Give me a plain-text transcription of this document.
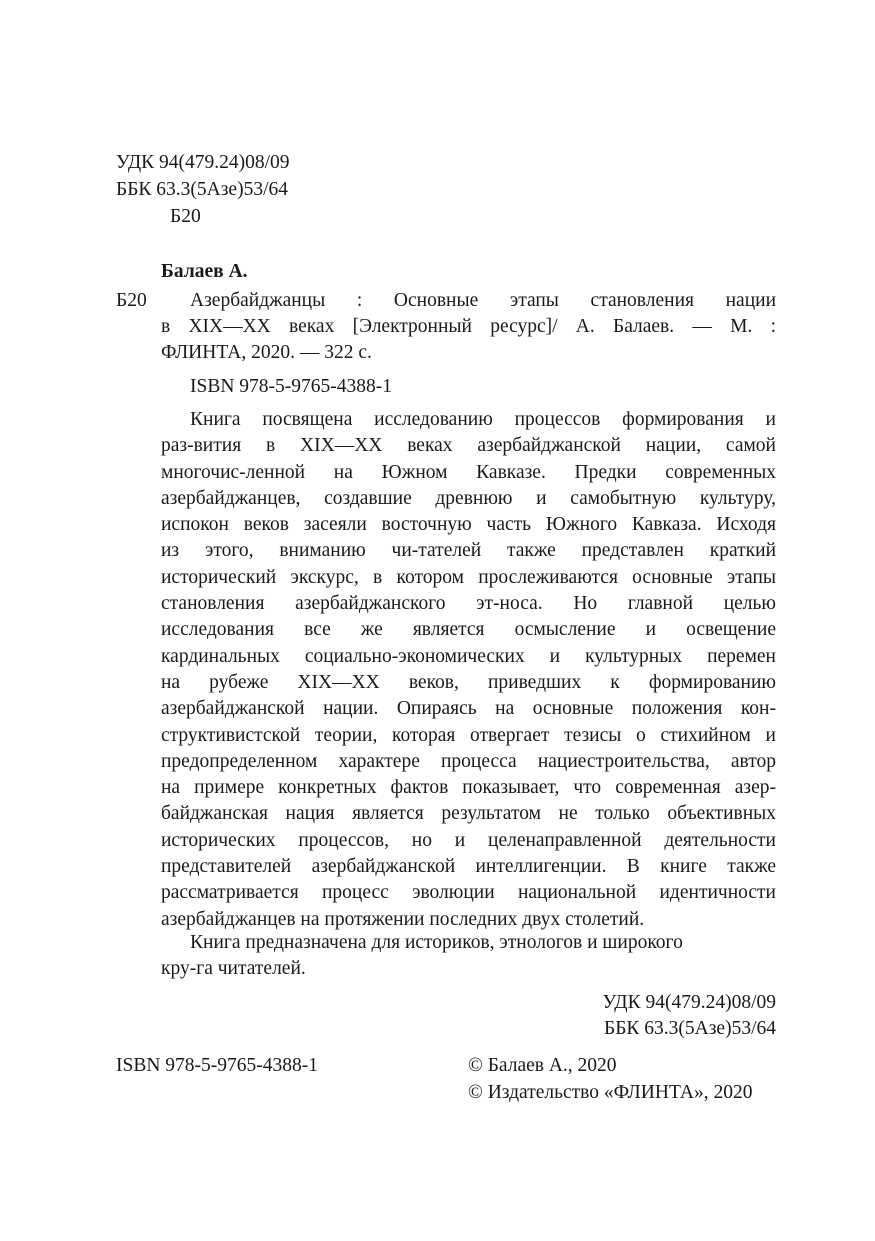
УДК 94(479.24)08/09
ББК 63.3(5Азе)53/64
Б20
Балаев А.
Б20 Азербайджанцы : Основные этапы становления нации
в XIX—XX веках [Электронный ресурс]/ А. Балаев. — М. :
ФЛИНТА, 2020. — 322 с.
ISBN 978-5-9765-4388-1
Книга посвящена исследованию процессов формирования и
раз-вития в XIX—XX веках азербайджанской нации, самой
многочис-ленной на Южном Кавказе. Предки современных
азербайджанцев, создавшие древнюю и самобытную культуру,
испокон веков засеяли восточную часть Южного Кавказа. Исходя
из этого, вниманию чи-тателей также представлен краткий
исторический экскурс, в котором прослеживаются основные этапы
становления азербайджанского эт-носа. Но главной целью
исследования все же является осмысление и освещение
кардинальных социально-экономических и культурных перемен
на рубеже XIX—XX веков, приведших к формированию
азербайджанской нации. Опираясь на основные положения кон-
структивистской теории, которая отвергает тезисы о стихийном и
предопределенном характере процесса нациестроительства, автор
на примере конкретных фактов показывает, что современная азер-
байджанская нация является результатом не только объективных
исторических процессов, но и целенаправленной деятельности
представителей азербайджанской интеллигенции. В книге также
рассматривается процесс эволюции национальной идентичности
азербайджанцев на протяжении последних двух столетий.
Книга предназначена для историков, этнологов и широкого
кру-га читателей.
УДК 94(479.24)08/09
ББК 63.3(5Азе)53/64
ISBN 978-5-9765-4388-1	© Балаев А., 2020
© Издательство «ФЛИНТА», 2020
